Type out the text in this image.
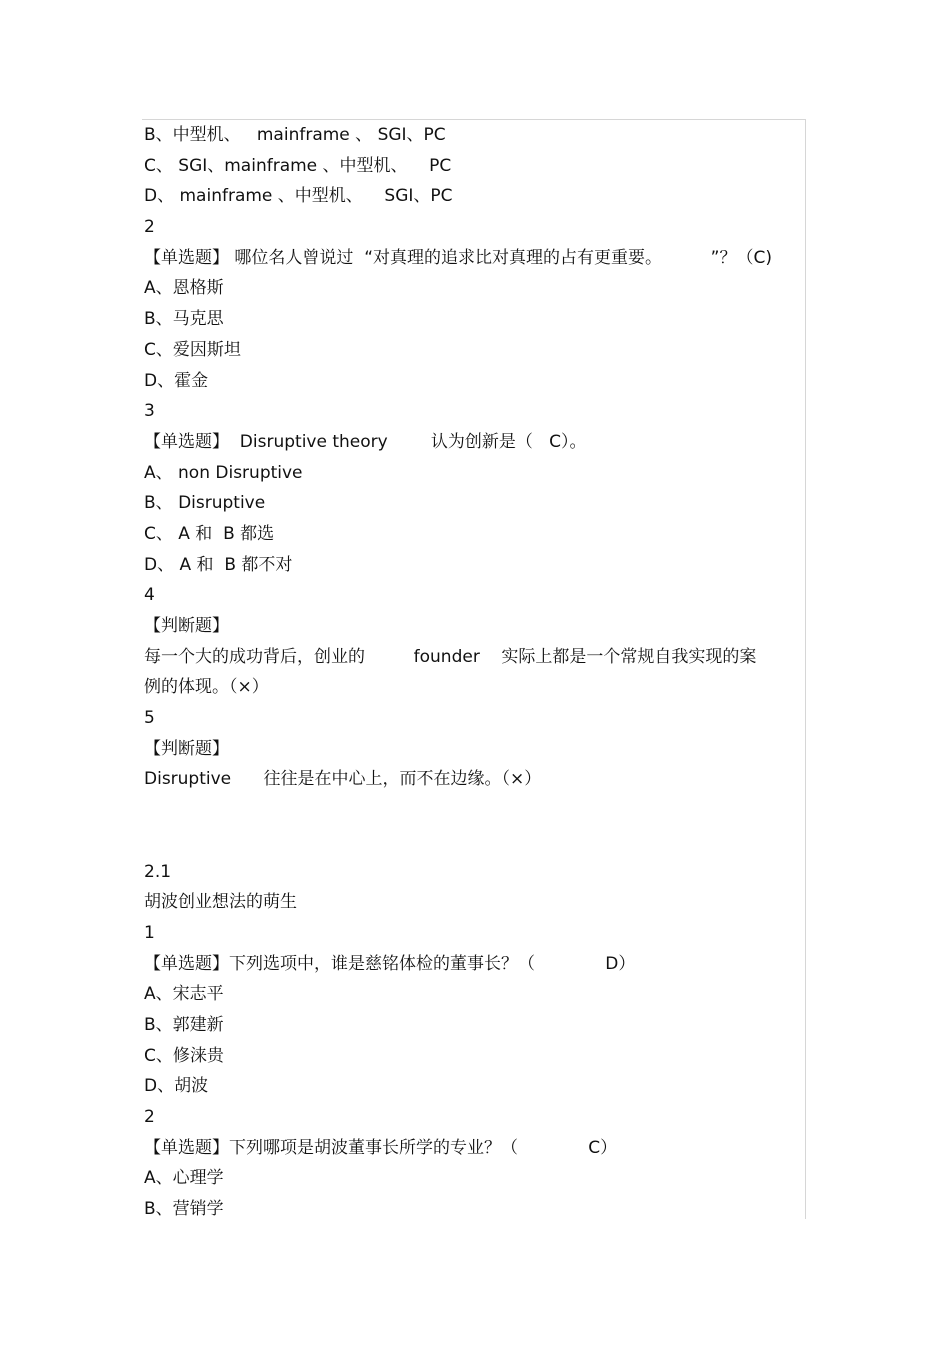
B、中型机、   mainframe 、 SGI、PC
C、 SGI、mainframe 、中型机、    PC
D、 mainframe 、中型机、    SGI、PC
2
【单选题】 哪位名人曾说过  “对真理的追求比对真理的占有更重要。         ”？（C)
A、恩格斯
B、马克思
C、爱因斯坦
D、霍金
3
【单选题】  Disruptive theory        认为创新是（   C）。
A、 non Disruptive
B、 Disruptive
C、 A 和  B 都选
D、 A 和  B 都不对
4
【判断题】
每一个大的成功背后，创业的         founder    实际上都是一个常规自我实现的案
例的体现。（×）
5
【判断题】
Disruptive      往往是在中心上，而不在边缘。（×）
2.1
胡波创业想法的萌生
1
【单选题】下列选项中，谁是慈铭体检的董事长？（             D）
A、宋志平
B、郭建新
C、修涞贵
D、胡波
2
【单选题】下列哪项是胡波董事长所学的专业？（             C）
A、心理学
B、营销学
